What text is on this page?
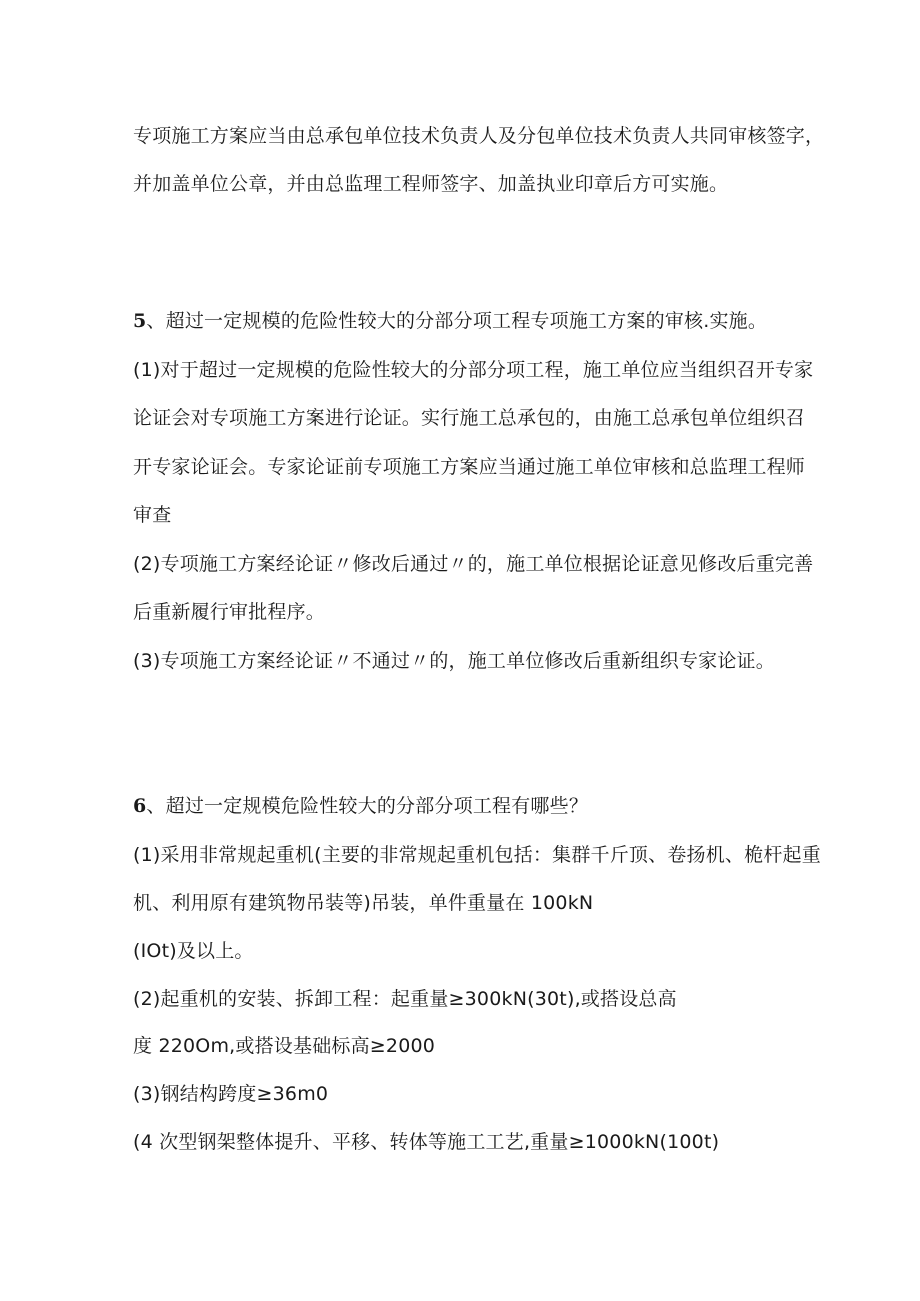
专项施工方案应当由总承包单位技术负责人及分包单位技术负责人共同审核签字，
并加盖单位公章，并由总监理工程师签字、加盖执业印章后方可实施。
5、超过一定规模的危险性较大的分部分项工程专项施工方案的审核.实施。
(1)对于超过一定规模的危险性较大的分部分项工程，施工单位应当组织召开专家
论证会对专项施工方案进行论证。实行施工总承包的，由施工总承包单位组织召
开专家论证会。专家论证前专项施工方案应当通过施工单位审核和总监理工程师
审查
(2)专项施工方案经论证〃修改后通过〃的，施工单位根据论证意见修改后重完善
后重新履行审批程序。
(3)专项施工方案经论证〃不通过〃的，施工单位修改后重新组织专家论证。
6、超过一定规模危险性较大的分部分项工程有哪些？
(1)采用非常规起重机(主要的非常规起重机包括：集群千斤顶、卷扬机、桅杆起重
机、利用原有建筑物吊装等)吊装，单件重量在 100kN
(IOt)及以上。
(2)起重机的安装、拆卸工程：起重量≥300kN(30t),或搭设总高
度 220Om,或搭设基础标高≥2000
(3)钢结构跨度≥36m0
(4 次型钢架整体提升、平移、转体等施工工艺,重量≥1000kN(100t)
